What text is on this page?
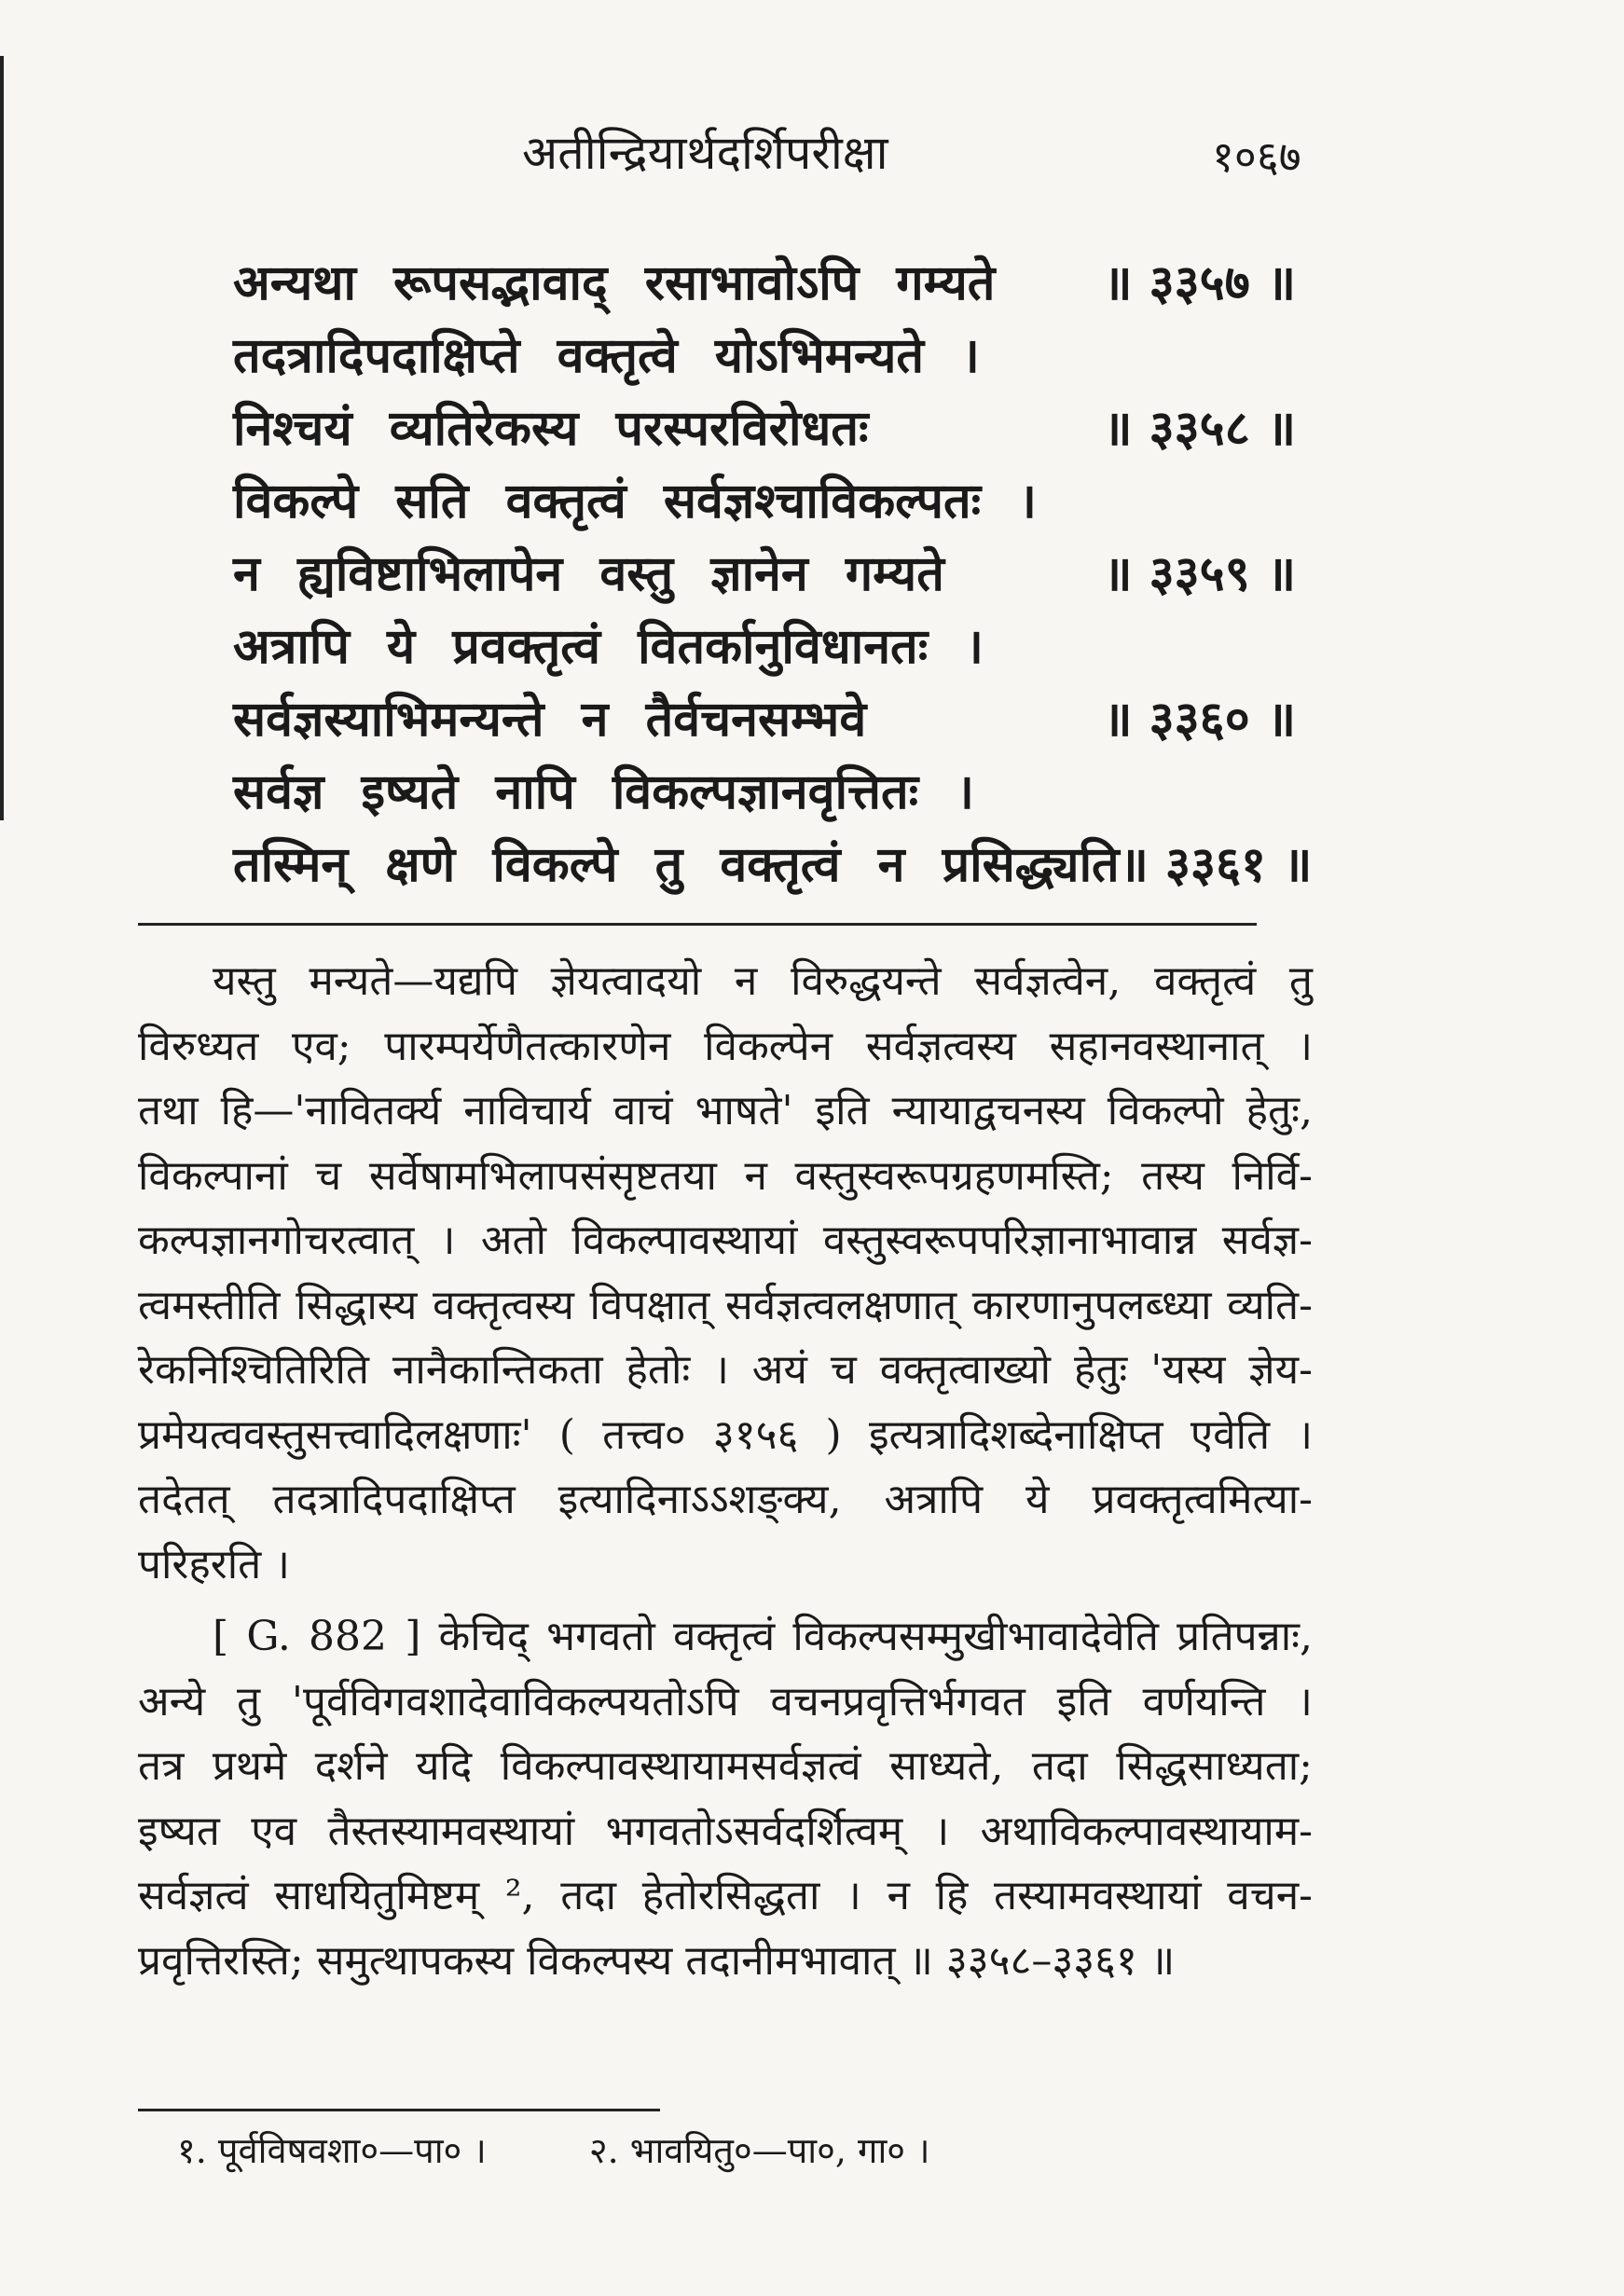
अतीन्द्रियार्थदर्शिपरीक्षा	१०६७
अन्यथा रूपसद्भावाद् रसाभावोऽपि गम्यते	॥ ३३५७ ॥
तदत्रादिपदाक्षिप्ते वक्तृत्वे योऽभिमन्यते ।
निश्चयं व्यतिरेकस्य परस्परविरोधतः	॥ ३३५८ ॥
विकल्पे सति वक्तृत्वं सर्वज्ञश्चाविकल्पतः ।
न ह्यविष्टाभिलापेन वस्तु ज्ञानेन गम्यते	॥ ३३५९ ॥
अत्रापि ये प्रवक्तृत्वं वितर्कानुविधानतः ।
सर्वज्ञस्याभिमन्यन्ते न तैर्वचनसम्भवे	॥ ३३६० ॥
सर्वज्ञ इष्यते नापि विकल्पज्ञानवृत्तितः ।
तस्मिन् क्षणे विकल्पे तु वक्तृत्वं न प्रसिद्ध्यति ॥ ३३६१ ॥

यस्तु मन्यते—यद्यपि ज्ञेयत्वादयो न विरुद्धयन्ते सर्वज्ञत्वेन, वक्तृत्वं तु
विरुध्यत एव; पारम्पर्येणैतत्कारणेन विकल्पेन सर्वज्ञत्वस्य सहानवस्थानात् ।
तथा हि—'नावितर्क्य नाविचार्य वाचं भाषते' इति न्यायाद्वचनस्य विकल्पो हेतुः,
विकल्पानां च सर्वेषामभिलापसंसृष्टतया न वस्तुस्वरूपग्रहणमस्ति; तस्य निर्वि-
कल्पज्ञानगोचरत्वात् । अतो विकल्पावस्थायां वस्तुस्वरूपपरिज्ञानाभावान्न सर्वज्ञ-
त्वमस्तीति सिद्धास्य वक्तृत्वस्य विपक्षात् सर्वज्ञत्वलक्षणात् कारणानुपलब्ध्या व्यति-
रेकनिश्चितिरिति नानैकान्तिकता हेतोः । अयं च वक्तृत्वाख्यो हेतुः 'यस्य ज्ञेय-
प्रमेयत्ववस्तुसत्त्वादिलक्षणाः' ( तत्त्व० ३१५६ ) इत्यत्रादिशब्देनाक्षिप्त एवेति ।
तदेतत् तदत्रादिपदाक्षिप्त इत्यादिनाऽऽशङ्क्य, अत्रापि ये प्रवक्तृत्वमित्या-
परिहरति ।

[ G. 882 ] केचिद् भगवतो वक्तृत्वं विकल्पसम्मुखीभावादेवेति प्रतिपन्नाः,
अन्ये तु 'पूर्वविगवशादेवाविकल्पयतोऽपि वचनप्रवृत्तिर्भगवत इति वर्णयन्ति ।
तत्र प्रथमे दर्शने यदि विकल्पावस्थायामसर्वज्ञत्वं साध्यते, तदा सिद्धसाध्यता;
इष्यत एव तैस्तस्यामवस्थायां भगवतोऽसर्वदर्शित्वम् । अथाविकल्पावस्थायाम-
सर्वज्ञत्वं साधयितुमिष्टम् ², तदा हेतोरसिद्धता । न हि तस्यामवस्थायां वचन-
प्रवृत्तिरस्ति; समुत्थापकस्य विकल्पस्य तदानीमभावात् ॥ ३३५८–३३६१ ॥

१. पूर्वविषवशा०—पा० ।	२. भावयितु०—पा०, गा० ।
